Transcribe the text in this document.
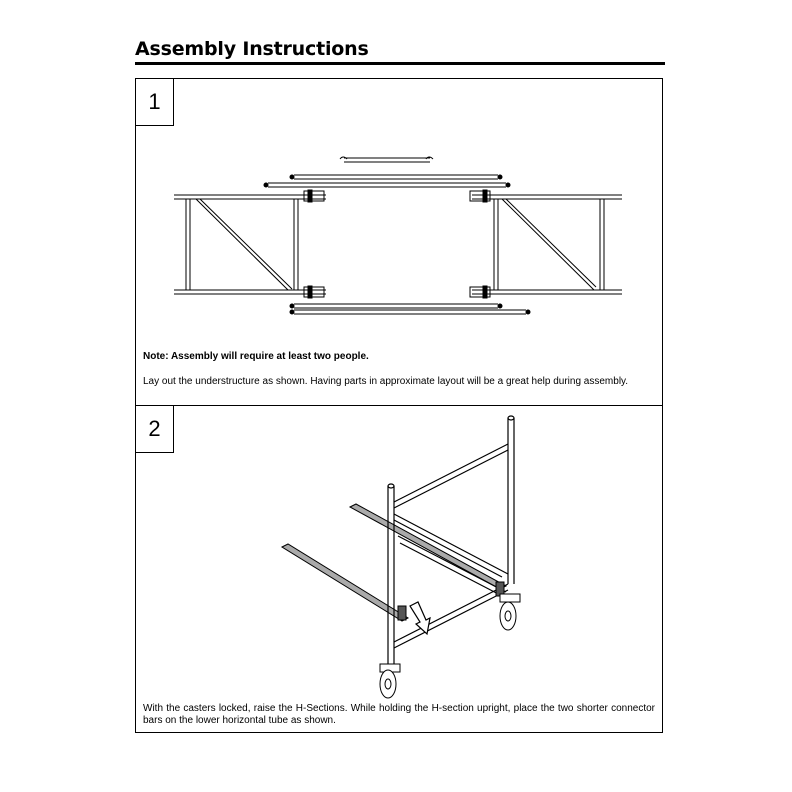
Assembly Instructions
1
Note: Assembly will require at least two people.
Lay out the understructure as shown. Having parts in approximate layout will be a great help during assembly.
2
With the casters locked, raise the H-Sections. While holding the H-section upright, place the two shorter connector bars on the lower horizontal tube as shown.
